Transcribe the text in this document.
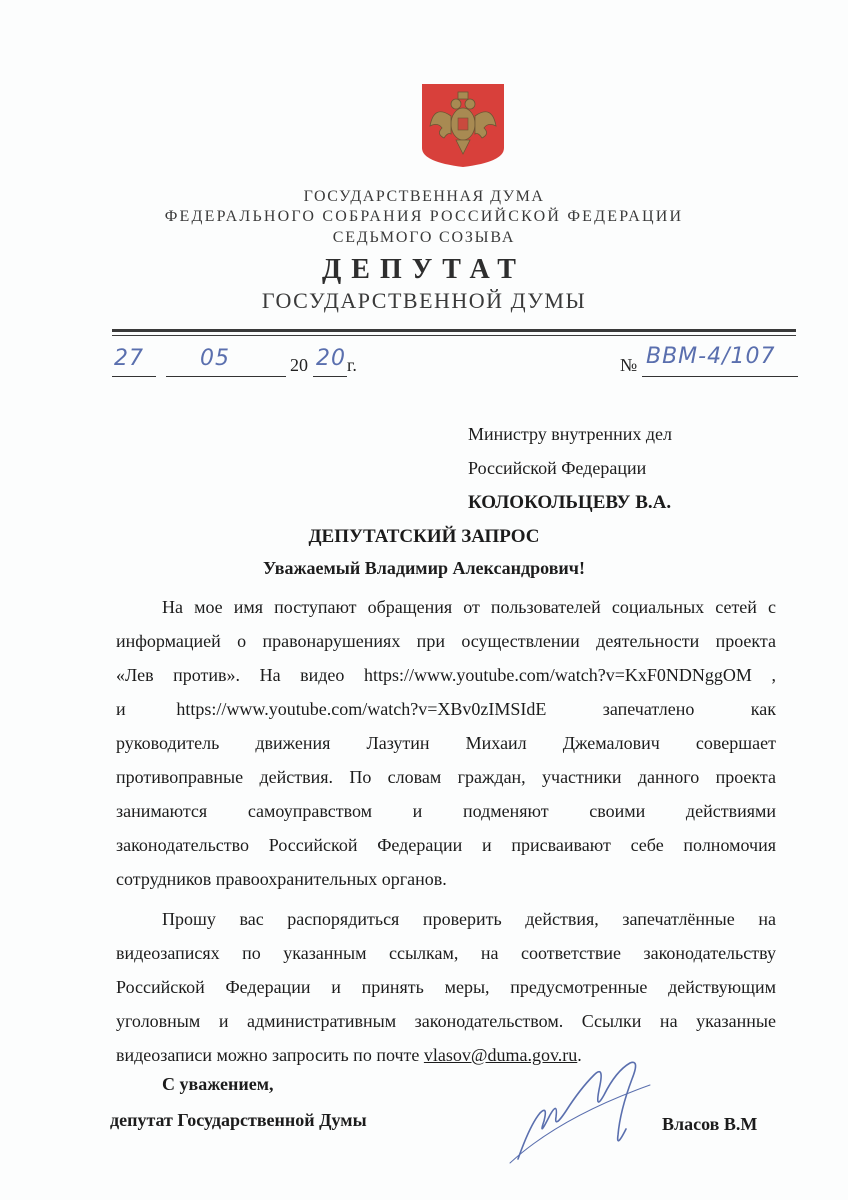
ГОСУДАРСТВЕННАЯ ДУМА
ФЕДЕРАЛЬНОГО СОБРАНИЯ РОССИЙСКОЙ ФЕДЕРАЦИИ
СЕДЬМОГО СОЗЫВА
ДЕПУТАТ
ГОСУДАРСТВЕННОЙ ДУМЫ
27	05	20 20 г.	№ ВВМ-4/107
Министру внутренних дел
Российской Федерации
КОЛОКОЛЬЦЕВУ В.А.
ДЕПУТАТСКИЙ ЗАПРОС
Уважаемый Владимир Александрович!
На мое имя поступают обращения от пользователей социальных сетей с
информацией о правонарушениях при осуществлении деятельности проекта
«Лев против». На видео https://www.youtube.com/watch?v=KxF0NDNggOM ,
и         https://www.youtube.com/watch?v=XBv0zIMSIdE          запечатлено          как
руководитель движения Лазутин Михаил Джемалович совершает
противоправные действия. По словам граждан, участники данного проекта
занимаются самоуправством и подменяют своими действиями
законодательство Российской Федерации и присваивают себе полномочия
сотрудников правоохранительных органов.
Прошу вас распорядиться проверить действия, запечатлённые на
видеозаписях по указанным ссылкам, на соответствие законодательству
Российской Федерации и принять меры, предусмотренные действующим
уголовным и административным законодательством. Ссылки на указанные
видеозаписи можно запросить по почте vlasov@duma.gov.ru.
С уважением,
депутат Государственной Думы	Власов В.М
